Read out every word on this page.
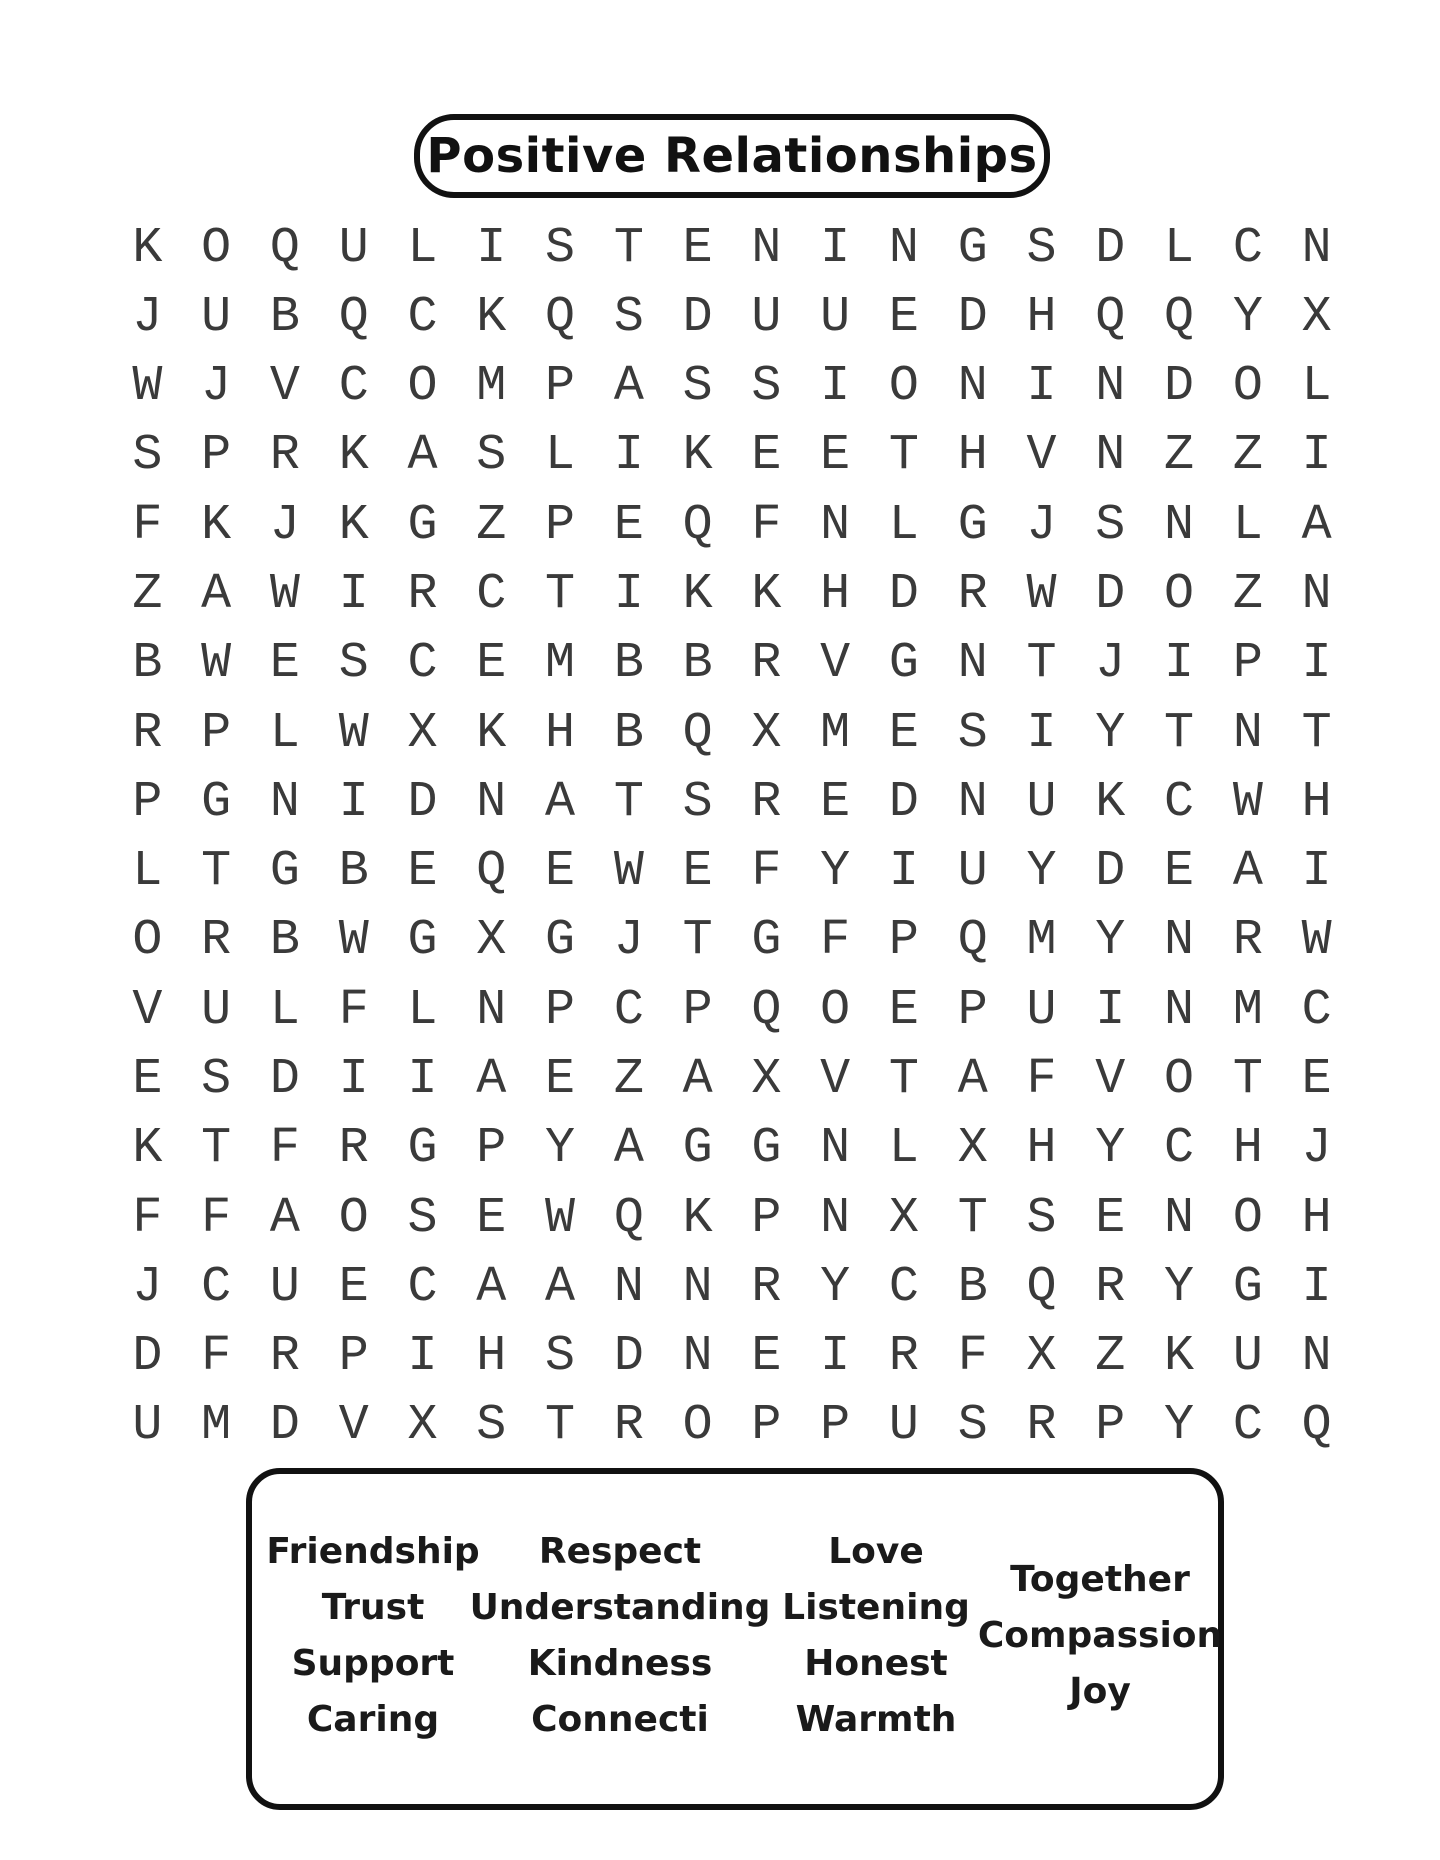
Positive Relationships
K O Q U L I S T E N I N G S D L C N
J U B Q C K Q S D U U E D H Q Q Y X
W J V C O M P A S S I O N I N D O L
S P R K A S L I K E E T H V N Z Z I
F K J K G Z P E Q F N L G J S N L A
Z A W I R C T I K K H D R W D O Z N
B W E S C E M B B R V G N T J I P I
R P L W X K H B Q X M E S I Y T N T
P G N I D N A T S R E D N U K C W H
L T G B E Q E W E F Y I U Y D E A I
O R B W G X G J T G F P Q M Y N R W
V U L F L N P C P Q O E P U I N M C
E S D I I A E Z A X V T A F V O T E
K T F R G P Y A G G N L X H Y C H J
F F A O S E W Q K P N X T S E N O H
J C U E C A A N N R Y C B Q R Y G I
D F R P I H S D N E I R F X Z K U N
U M D V X S T R O P P U S R P Y C Q
Friendship
Trust
Support
Caring
Respect
Understanding
Kindness
Connecti
Love
Listening
Honest
Warmth
Together
Compassion
Joy
